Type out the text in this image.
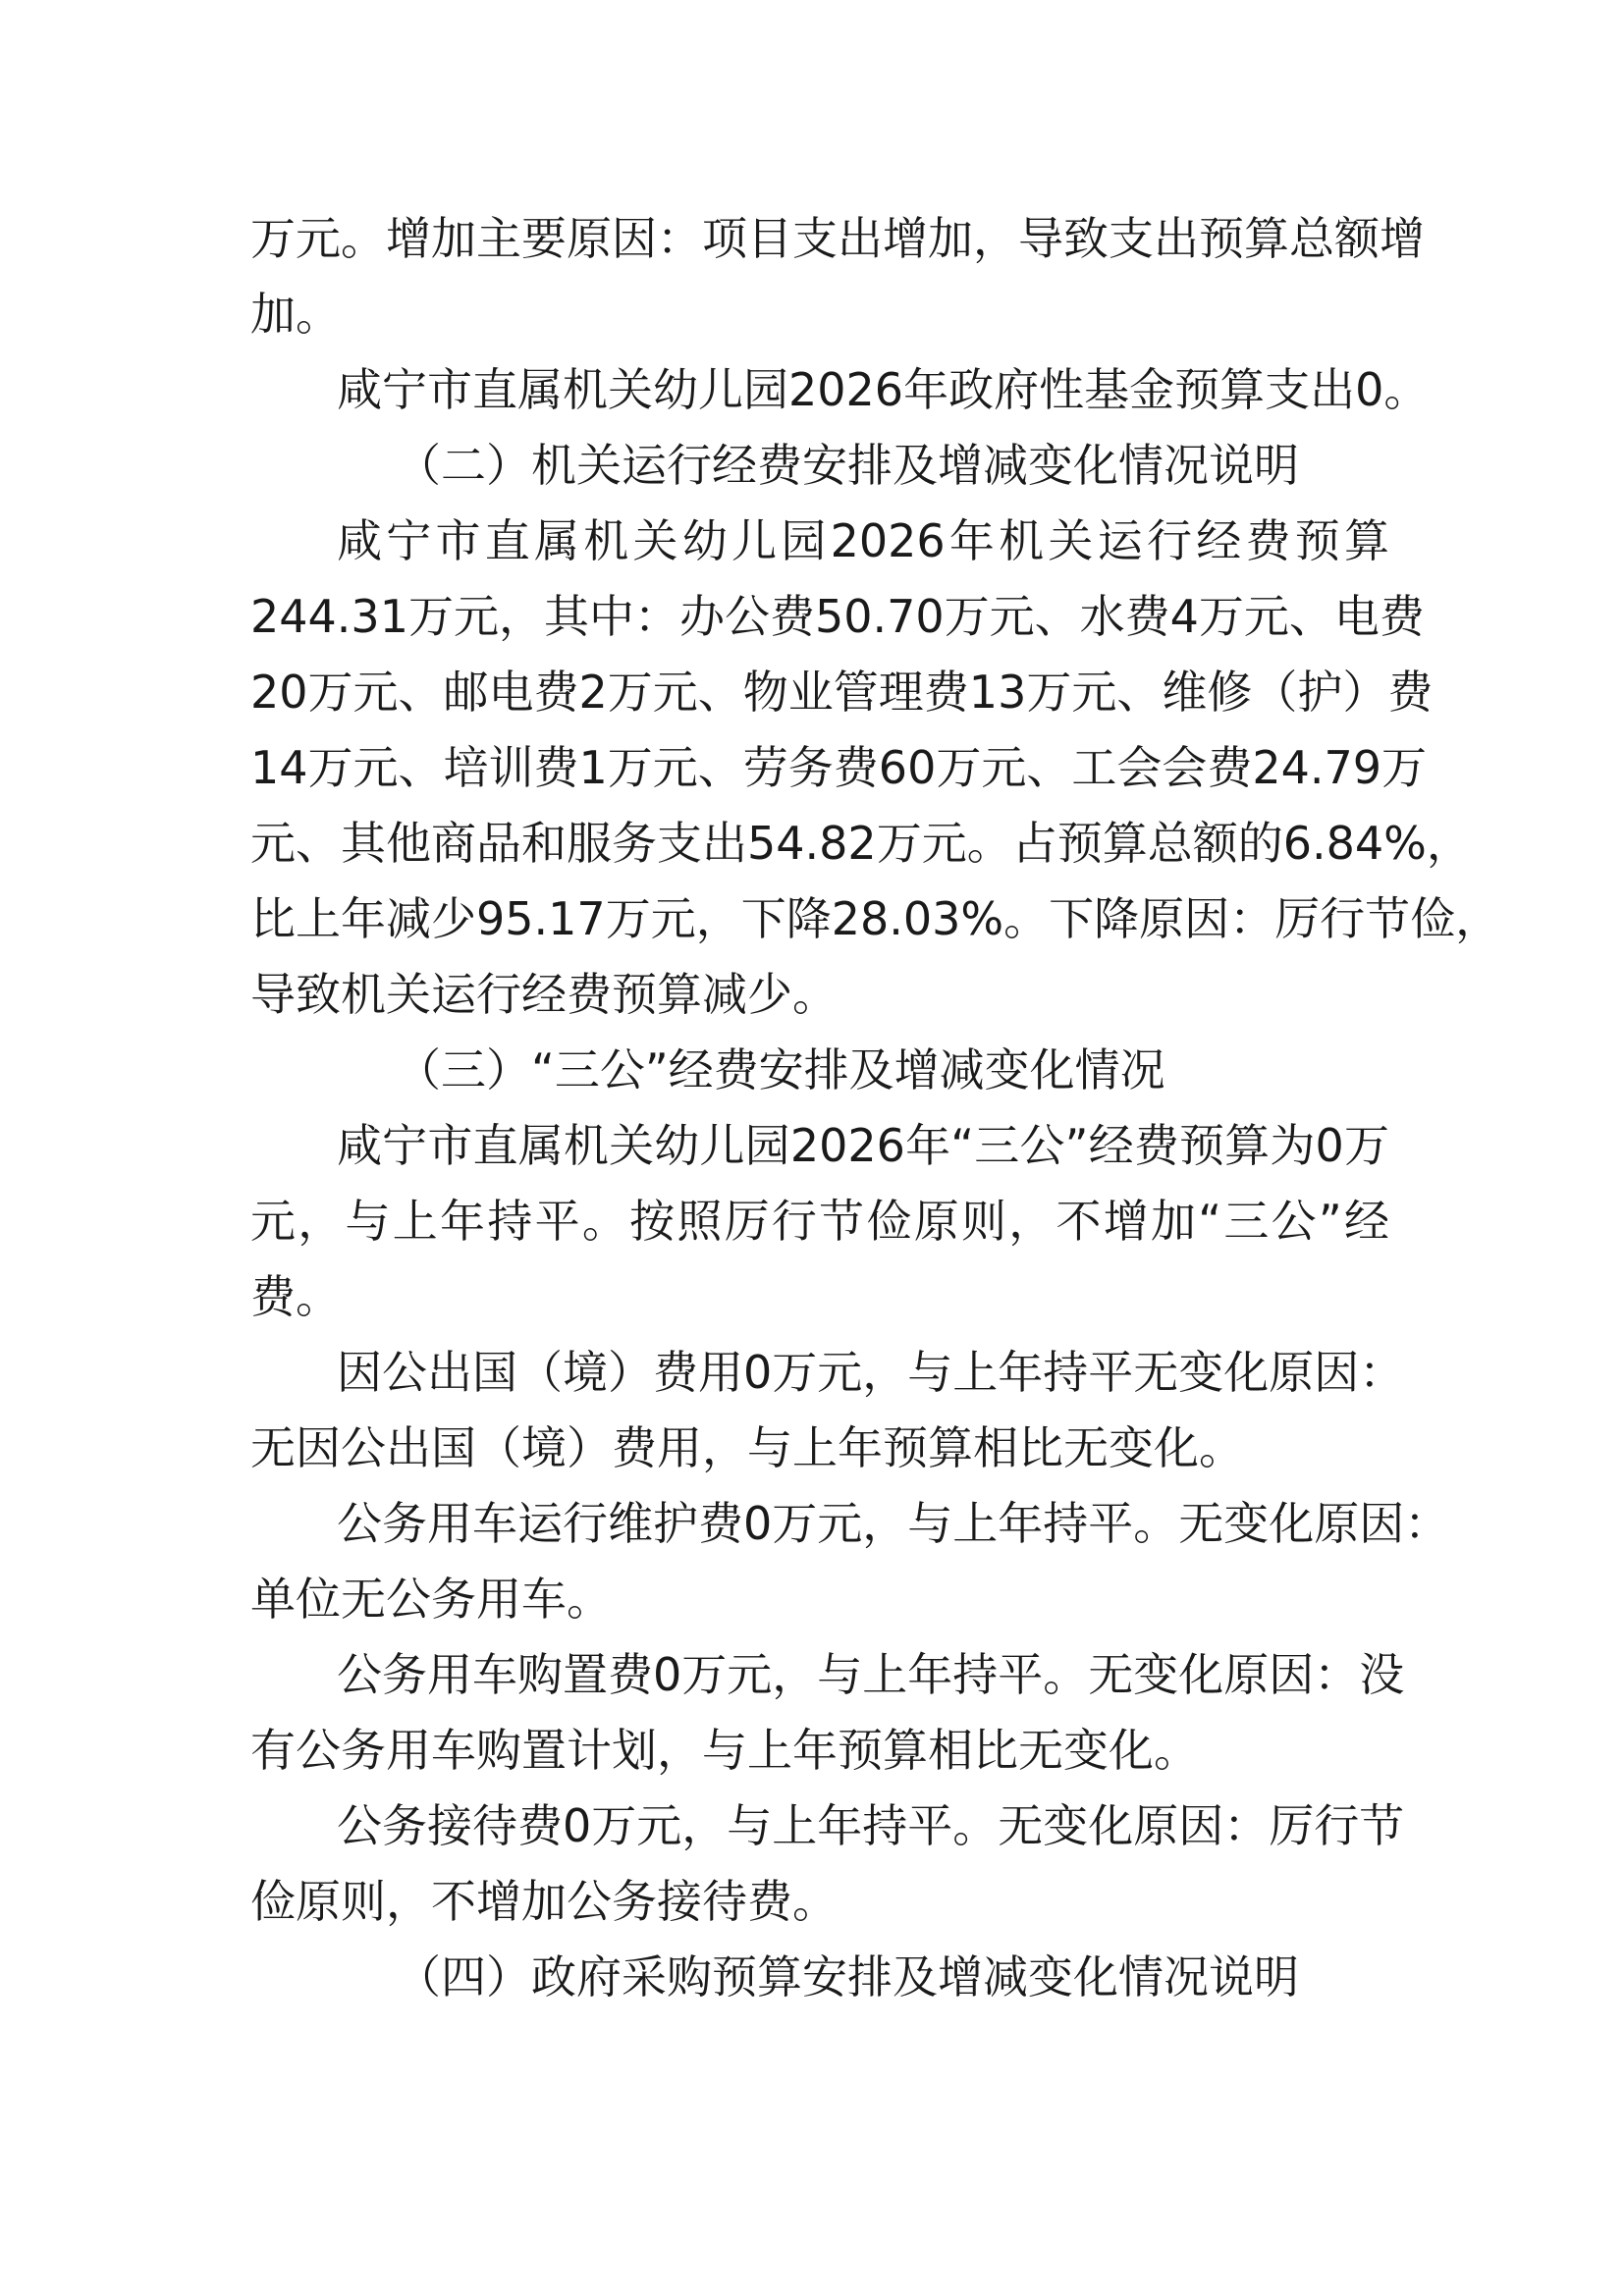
万元。增加主要原因：项目支出增加，导致支出预算总额增
加。
咸宁市直属机关幼儿园2026年政府性基金预算支出0。
（二）机关运行经费安排及增减变化情况说明
咸宁市直属机关幼儿园2026年机关运行经费预算
244.31万元，其中：办公费50.70万元、水费4万元、电费
20万元、邮电费2万元、物业管理费13万元、维修（护）费
14万元、培训费1万元、劳务费60万元、工会会费24.79万
元、其他商品和服务支出54.82万元。占预算总额的6.84%，
比上年减少95.17万元，下降28.03%。下降原因：厉行节俭，
导致机关运行经费预算减少。
（三）“三公”经费安排及增减变化情况
咸宁市直属机关幼儿园2026年“三公”经费预算为0万
元，与上年持平。按照厉行节俭原则，不增加“三公”经
费。
因公出国（境）费用0万元，与上年持平无变化原因：
无因公出国（境）费用，与上年预算相比无变化。
公务用车运行维护费0万元，与上年持平。无变化原因：
单位无公务用车。
公务用车购置费0万元，与上年持平。无变化原因：没
有公务用车购置计划，与上年预算相比无变化。
公务接待费0万元，与上年持平。无变化原因：厉行节
俭原则，不增加公务接待费。
（四）政府采购预算安排及增减变化情况说明
